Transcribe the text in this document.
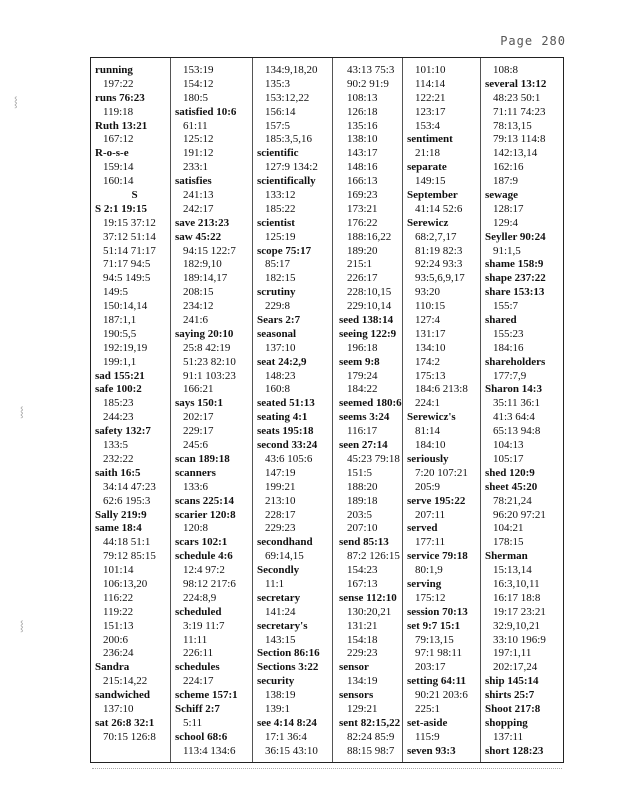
Page 280
running
197:22
runs 76:23
119:18
Ruth 13:21
167:12
R-o-s-e
159:14
160:14
S
S 2:1 19:15
19:15 37:12
37:12 51:14
51:14 71:17
71:17 94:5
94:5 149:5
149:5
150:14,14
187:1,1
190:5,5
192:19,19
199:1,1
sad 155:21
safe 100:2
185:23
244:23
safety 132:7
133:5
232:22
saith 16:5
34:14 47:23
62:6 195:3
Sally 219:9
same 18:4
44:18 51:1
79:12 85:15
101:14
106:13,20
116:22
119:22
151:13
200:6
236:24
Sandra
215:14,22
sandwiched
137:10
sat 26:8 32:1
70:15 126:8
153:19
154:12
180:5
satisfied 10:6
61:11
125:12
191:12
233:1
satisfies
241:13
242:17
save 213:23
saw 45:22
94:15 122:7
182:9,10
189:14,17
208:15
234:12
241:6
saying 20:10
25:8 42:19
51:23 82:10
91:1 103:23
166:21
says 150:1
202:17
229:17
245:6
scan 189:18
scanners
133:6
scans 225:14
scarier 120:8
120:8
scars 102:1
schedule 4:6
12:4 97:2
98:12 217:6
224:8,9
scheduled
3:19 11:7
11:11
226:11
schedules
224:17
scheme 157:1
Schiff 2:7
5:11
school 68:6
113:4 134:6
134:9,18,20
135:3
153:12,22
156:14
157:5
185:3,5,16
scientific
127:9 134:2
scientifically
133:12
185:22
scientist
125:19
scope 75:17
85:17
182:15
scrutiny
229:8
Sears 2:7
seasonal
137:10
seat 24:2,9
148:23
160:8
seated 51:13
seating 4:1
seats 195:18
second 33:24
43:6 105:6
147:19
199:21
213:10
228:17
229:23
secondhand
69:14,15
Secondly
11:1
secretary
141:24
secretary's
143:15
Section 86:16
Sections 3:22
security
138:19
139:1
see 4:14 8:24
17:1 36:4
36:15 43:10
43:13 75:3
90:2 91:9
108:13
126:18
135:16
138:10
143:17
148:16
166:13
169:23
173:21
176:22
188:16,22
189:20
215:1
226:17
228:10,15
229:10,14
seed 138:14
seeing 122:9
196:18
seem 9:8
179:24
184:22
seemed 180:6
seems 3:24
116:17
seen 27:14
45:23 79:18
151:5
188:20
189:18
203:5
207:10
send 85:13
87:2 126:15
154:23
167:13
sense 112:10
130:20,21
131:21
154:18
229:23
sensor
134:19
sensors
129:21
sent 82:15,22
82:24 85:9
88:15 98:7
101:10
114:14
122:21
123:17
153:4
sentiment
21:18
separate
149:15
September
41:14 52:6
Serewicz
68:2,7,17
81:19 82:3
92:24 93:3
93:5,6,9,17
93:20
110:15
127:4
131:17
134:10
174:2
175:13
184:6 213:8
224:1
Serewicz's
81:14
184:10
seriously
7:20 107:21
205:9
serve 195:22
207:11
served
177:11
service 79:18
80:1,9
serving
175:12
session 70:13
set 9:7 15:1
79:13,15
97:1 98:11
203:17
setting 64:11
90:21 203:6
225:1
set-aside
115:9
seven 93:3
108:8
several 13:12
48:23 50:1
71:11 74:23
78:13,15
79:13 114:8
142:13,14
162:16
187:9
sewage
128:17
129:4
Seyller 90:24
91:1,5
shame 158:9
shape 237:22
share 153:13
155:7
shared
155:23
184:16
shareholders
177:7,9
Sharon 14:3
35:11 36:1
41:3 64:4
65:13 94:8
104:13
105:17
shed 120:9
sheet 45:20
78:21,24
96:20 97:21
104:21
178:15
Sherman
15:13,14
16:3,10,11
16:17 18:8
19:17 23:21
32:9,10,21
33:10 196:9
197:1,11
202:17,24
ship 145:14
shirts 25:7
Shoot 217:8
shopping
137:11
short 128:23
⸾
⸾
⸾
